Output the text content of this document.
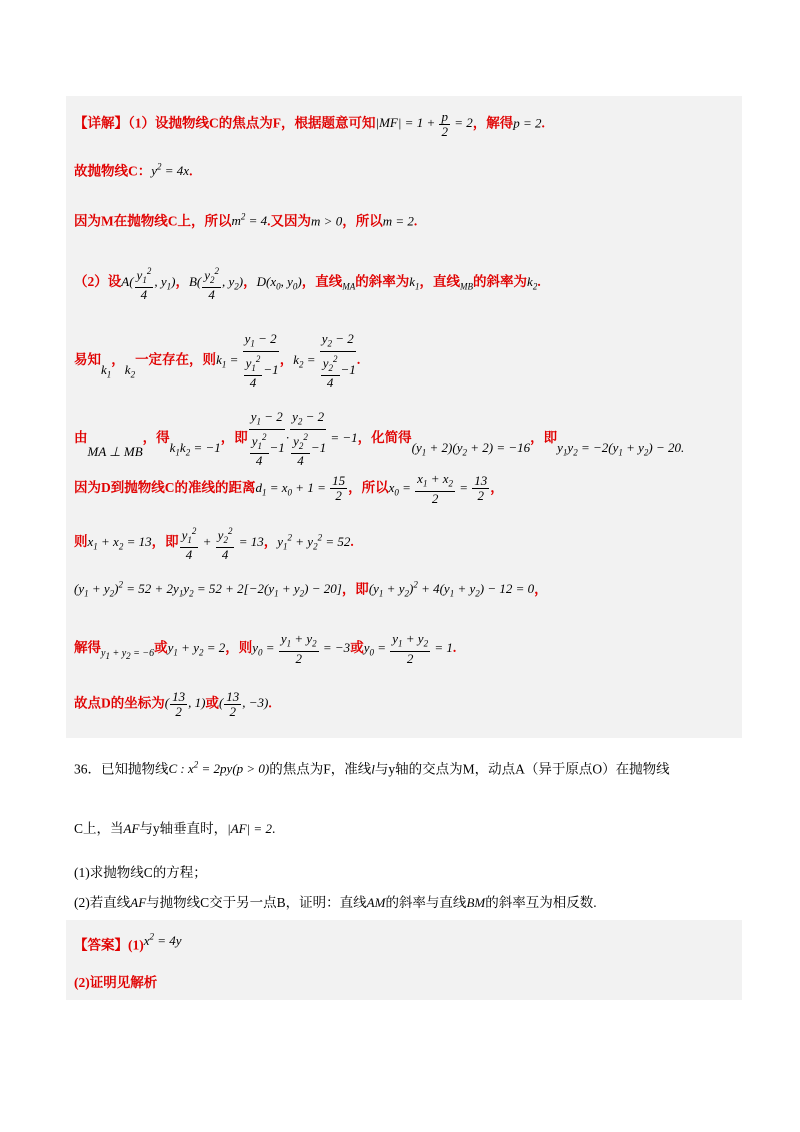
【详解】（1）设抛物线C的焦点为F，根据题意可知$|MF| = 1 + \frac{p}{2} = 2$，解得p = 2.
故抛物线C：$y^2 = 4x$.
因为M在抛物线C上，所以$m^2 = 4$.又因为m > 0，所以m = 2.
（2）设$A( \frac{y_1^2}{4}$ , $y_1$)，$B( \frac{y_2^2}{4}$ , $y_2$)，$D(x_0$, $y_0$)，直线$_{MA}$的斜率为$k_1$，直线$_{MB}$的斜率为$k_2$.
易知$k_1$，$k_2$一定存在，则$k_1 = \frac{y_1 - 2}{\frac{y_1^2}{4} -1}$ ，$k_2 = \frac{y_2 - 2}{\frac{y_2^2}{4} -1}$ .
由MA ⊥ MB，得$k_1k_2 = -1$，即 $\frac{y_1 - 2}{\frac{y_1^2}{4} -1} \cdot \frac{y_2 - 2}{\frac{y_2^2}{4} -1} = -1$，化简得$(y_1 + 2)(y_2 + 2) = -16$，即$y_1y_2 = -2(y_1 + y_2) - 20$.
因为D到抛物线C的准线的距离$d_1 = x_0 + 1 = \frac{15}{2}$ ，所以$x_0 = \frac{x_1 + x_2}{2} = \frac{13}{2}$ ，
则$x_1 + x_2 = 13$，即 $\frac{y_1^2}{4} + \frac{y_2^2}{4} = 13$，$y_1^2 + y_2^2 = 52$.
$(y_1 + y_2)^2 = 52 + 2y_1y_2 = 52 + 2[-2(y_1 + y_2) - 20]$，即$(y_1 + y_2)^2 + 4(y_1 + y_2) - 12 = 0$，
解得$_{y_1 + y_2 = -6}$或$y_1 + y_2 = 2$，则$y_0 = \frac{y_1 + y_2}{2} = -3$或$y_0 = \frac{y_1 + y_2}{2} = 1$.
故点D的坐标为( $\frac{13}{2}$ , 1)或( $\frac{13}{2}$ , −3).
36．已知抛物线C : $x^2 = 2py(p > 0)$的焦点为F，准线l与y轴的交点为M，动点A（异于原点O）在抛物线
C上，当AF与y轴垂直时，|AF| = 2.
(1)求抛物线C的方程；
(2)若直线AF与抛物线C交于另一点B，证明：直线AM的斜率与直线BM的斜率互为相反数.
【答案】$(1)x^2 = 4y$
(2)证明见解析
